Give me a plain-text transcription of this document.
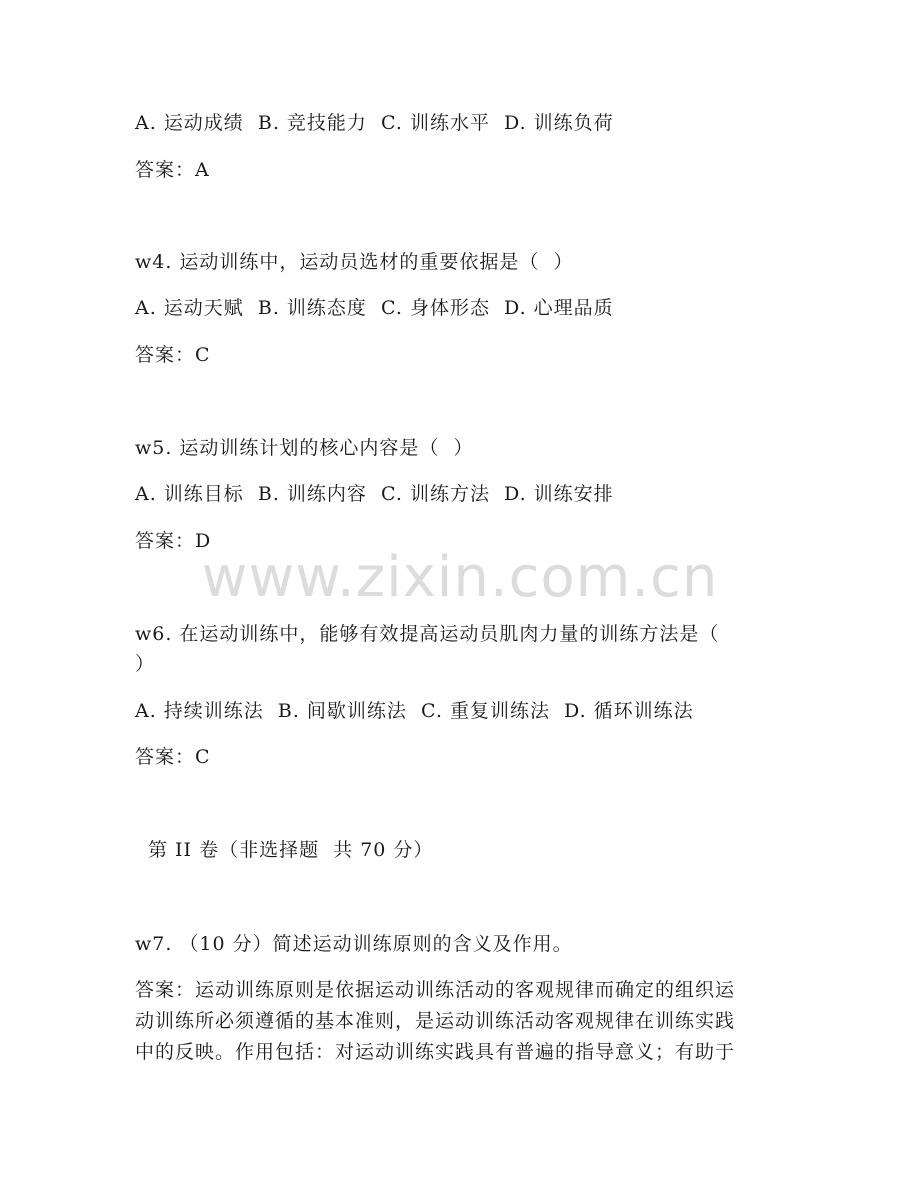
A. 运动成绩  B. 竞技能力  C. 训练水平  D. 训练负荷
答案：A
w4. 运动训练中，运动员选材的重要依据是（  ）
A. 运动天赋  B. 训练态度  C. 身体形态  D. 心理品质
答案：C
w5. 运动训练计划的核心内容是（  ）
A. 训练目标  B. 训练内容  C. 训练方法  D. 训练安排
答案：D
www.zixin.com.cn
w6. 在运动训练中，能够有效提高运动员肌肉力量的训练方法是（
）
A. 持续训练法  B. 间歇训练法  C. 重复训练法  D. 循环训练法
答案：C
第 II 卷（非选择题  共 70 分）
w7. （10 分）简述运动训练原则的含义及作用。
答案：运动训练原则是依据运动训练活动的客观规律而确定的组织运
动训练所必须遵循的基本准则，是运动训练活动客观规律在训练实践
中的反映。作用包括：对运动训练实践具有普遍的指导意义；有助于
